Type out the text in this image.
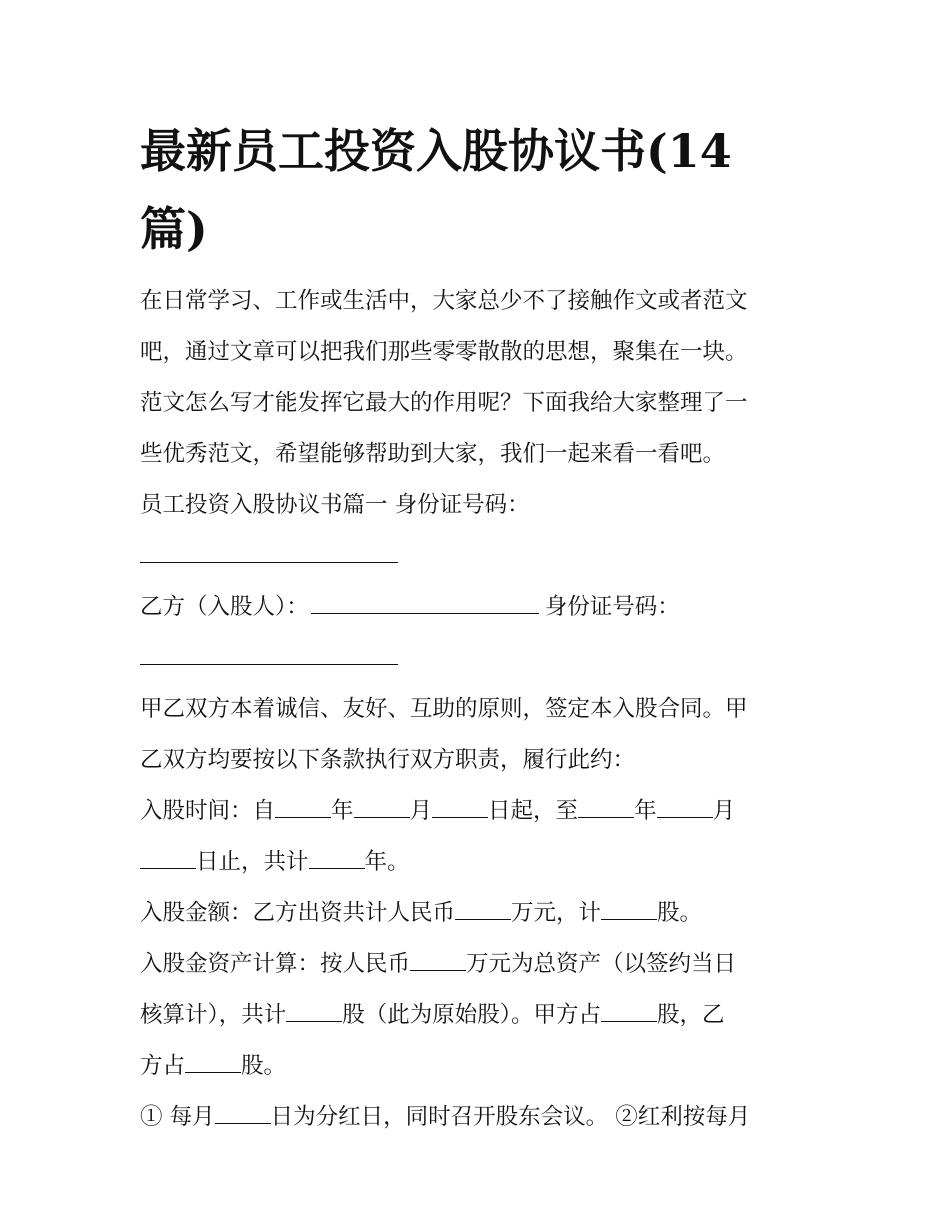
最新员工投资入股协议书(14
篇)
在日常学习、工作或生活中，大家总少不了接触作文或者范文
吧，通过文章可以把我们那些零零散散的思想，聚集在一块。
范文怎么写才能发挥它最大的作用呢？下面我给大家整理了一
些优秀范文，希望能够帮助到大家，我们一起来看一看吧。
员工投资入股协议书篇一 身份证号码：
乙方（入股人）：	身份证号码：
甲乙双方本着诚信、友好、互助的原则，签定本入股合同。甲
乙双方均要按以下条款执行双方职责，履行此约：
入股时间：自 年 月 日起，至 年 月
日止，共计 年。
入股金额：乙方出资共计人民币 万元，计 股。
入股金资产计算：按人民币 万元为总资产（以签约当日
核算计），共计 股（此为原始股）。甲方占 股，乙
方占 股。
① 每月 日为分红日，同时召开股东会议。 ②红利按每月
